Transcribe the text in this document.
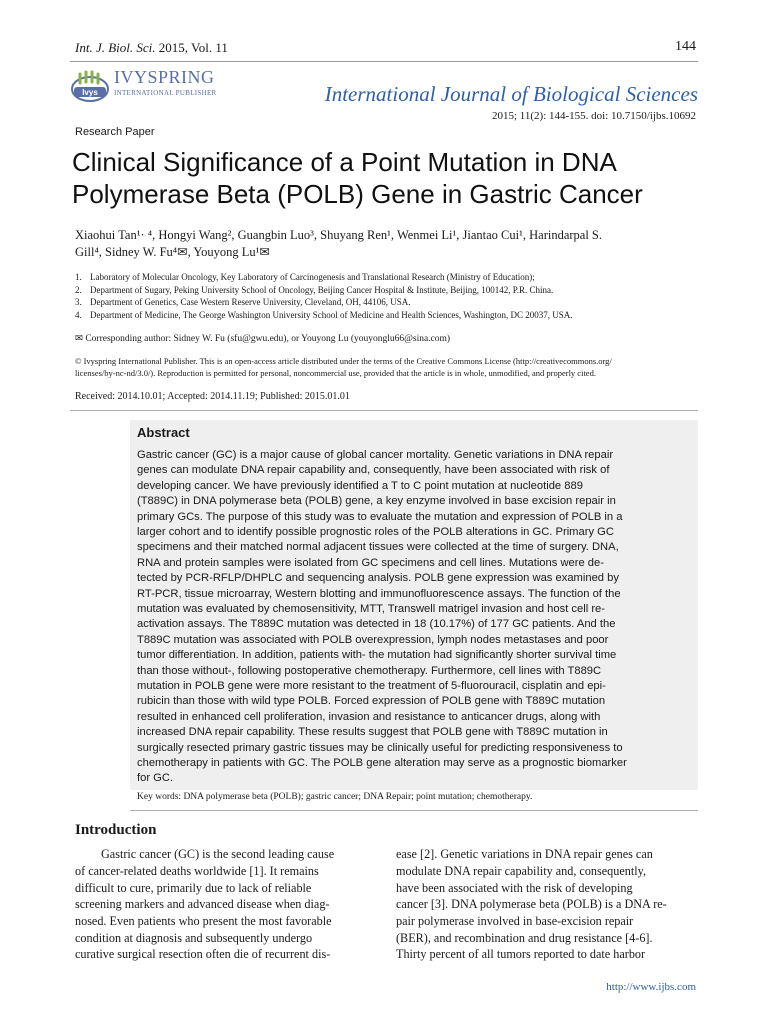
Int. J. Biol. Sci. 2015, Vol. 11	144
Ivys
IVYSPRING
INTERNATIONAL PUBLISHER	International Journal of Biological Sciences
2015; 11(2): 144-155. doi: 10.7150/ijbs.10692
Research Paper
Clinical Significance of a Point Mutation in DNA
Polymerase Beta (POLB) Gene in Gastric Cancer
Xiaohui Tan¹· ⁴, Hongyi Wang², Guangbin Luo³, Shuyang Ren¹, Wenmei Li¹, Jiantao Cui¹, Harindarpal S.
Gill⁴, Sidney W. Fu⁴✉, Youyong Lu¹✉
1. Laboratory of Molecular Oncology, Key Laboratory of Carcinogenesis and Translational Research (Ministry of Education);
2. Department of Sugary, Peking University School of Oncology, Beijing Cancer Hospital & Institute, Beijing, 100142, P.R. China.
3. Department of Genetics, Case Western Reserve University, Cleveland, OH, 44106, USA.
4. Department of Medicine, The George Washington University School of Medicine and Health Sciences, Washington, DC 20037, USA.
✉ Corresponding author: Sidney W. Fu (sfu@gwu.edu), or Youyong Lu (youyonglu66@sina.com)
© Ivyspring International Publisher. This is an open-access article distributed under the terms of the Creative Commons License (http://creativecommons.org/
licenses/by-nc-nd/3.0/). Reproduction is permitted for personal, noncommercial use, provided that the article is in whole, unmodified, and properly cited.
Received: 2014.10.01; Accepted: 2014.11.19; Published: 2015.01.01
Abstract
Gastric cancer (GC) is a major cause of global cancer mortality. Genetic variations in DNA repair
genes can modulate DNA repair capability and, consequently, have been associated with risk of
developing cancer. We have previously identified a T to C point mutation at nucleotide 889
(T889C) in DNA polymerase beta (POLB) gene, a key enzyme involved in base excision repair in
primary GCs. The purpose of this study was to evaluate the mutation and expression of POLB in a
larger cohort and to identify possible prognostic roles of the POLB alterations in GC. Primary GC
specimens and their matched normal adjacent tissues were collected at the time of surgery. DNA,
RNA and protein samples were isolated from GC specimens and cell lines. Mutations were de-
tected by PCR-RFLP/DHPLC and sequencing analysis. POLB gene expression was examined by
RT-PCR, tissue microarray, Western blotting and immunofluorescence assays. The function of the
mutation was evaluated by chemosensitivity, MTT, Transwell matrigel invasion and host cell re-
activation assays. The T889C mutation was detected in 18 (10.17%) of 177 GC patients. And the
T889C mutation was associated with POLB overexpression, lymph nodes metastases and poor
tumor differentiation. In addition, patients with- the mutation had significantly shorter survival time
than those without-, following postoperative chemotherapy. Furthermore, cell lines with T889C
mutation in POLB gene were more resistant to the treatment of 5-fluorouracil, cisplatin and epi-
rubicin than those with wild type POLB. Forced expression of POLB gene with T889C mutation
resulted in enhanced cell proliferation, invasion and resistance to anticancer drugs, along with
increased DNA repair capability. These results suggest that POLB gene with T889C mutation in
surgically resected primary gastric tissues may be clinically useful for predicting responsiveness to
chemotherapy in patients with GC. The POLB gene alteration may serve as a prognostic biomarker
for GC.
Key words: DNA polymerase beta (POLB); gastric cancer; DNA Repair; point mutation; chemotherapy.
Introduction
Gastric cancer (GC) is the second leading cause
of cancer-related deaths worldwide [1]. It remains
difficult to cure, primarily due to lack of reliable
screening markers and advanced disease when diag-
nosed. Even patients who present the most favorable
condition at diagnosis and subsequently undergo
curative surgical resection often die of recurrent dis-
ease [2]. Genetic variations in DNA repair genes can
modulate DNA repair capability and, consequently,
have been associated with the risk of developing
cancer [3]. DNA polymerase beta (POLB) is a DNA re-
pair polymerase involved in base-excision repair
(BER), and recombination and drug resistance [4-6].
Thirty percent of all tumors reported to date harbor
http://www.ijbs.com
